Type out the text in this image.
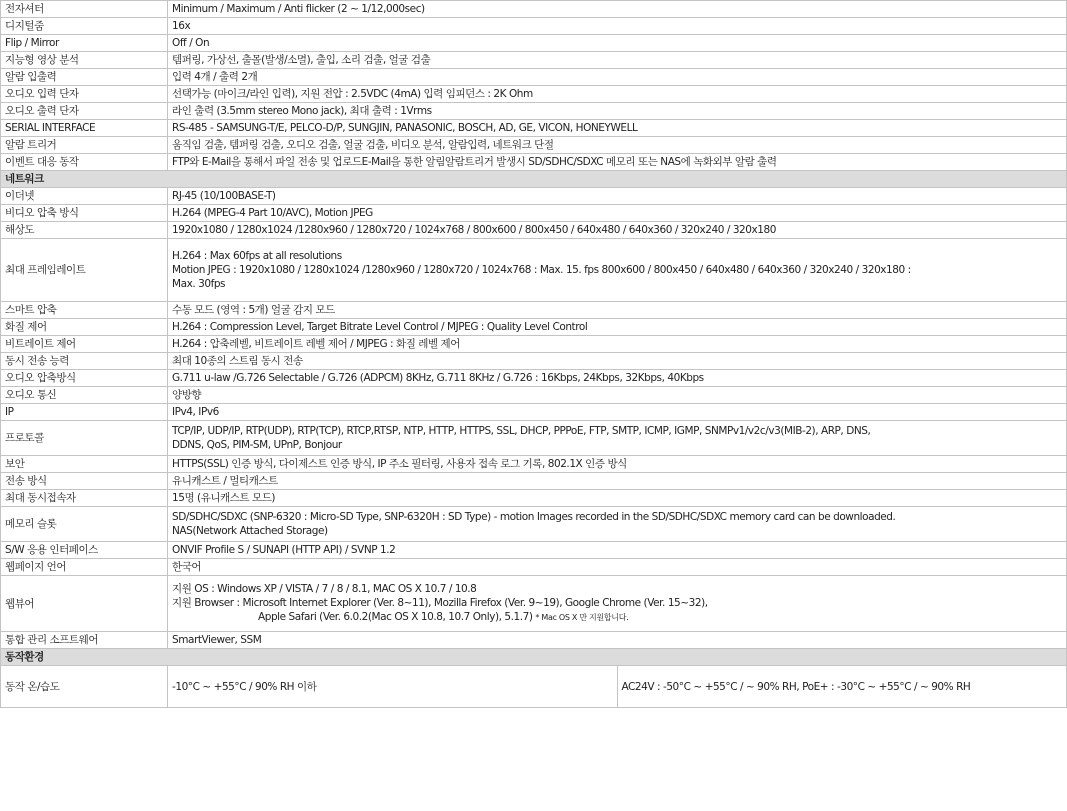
전자셔터	Minimum / Maximum / Anti flicker (2 ~ 1/12,000sec)	
디지털줌	16x	
Flip / Mirror	Off / On	
지능형 영상 분석	템퍼링, 가상선, 출몰(발생/소멸), 출입, 소리 검출, 얼굴 검출	
알람 입출력	입력 4개 / 출력 2개	
오디오 입력 단자	선택가능 (마이크/라인 입력), 지원 전압 : 2.5VDC (4mA) 입력 임피던스 : 2K Ohm	
오디오 출력 단자	라인 출력 (3.5mm stereo Mono jack), 최대 출력 : 1Vrms	
SERIAL INTERFACE	RS-485 - SAMSUNG-T/E, PELCO-D/P, SUNGJIN, PANASONIC, BOSCH, AD, GE, VICON, HONEYWELL	
알람 트리거	움직임 검출, 템퍼링 검출, 오디오 검출, 얼굴 검출, 비디오 분석, 알람입력, 네트워크 단절	
이벤트 대응 동작	FTP와 E-Mail을 통해서 파일 전송 및 업로드E-Mail을 통한 알림알람트리거 발생시 SD/SDHC/SDXC 메모리 또는 NAS에 녹화외부 알람 출력	
네트워크		
이더넷	RJ-45 (10/100BASE-T)	
비디오 압축 방식	H.264 (MPEG-4 Part 10/AVC), Motion JPEG	
해상도	1920x1080 / 1280x1024 /1280x960 / 1280x720 / 1024x768 / 800x600 / 800x450 / 640x480 / 640x360 / 320x240 / 320x180	
최대 프레임레이트	H.264 : Max 60fps at all resolutions
Motion JPEG : 1920x1080 / 1280x1024 /1280x960 / 1280x720 / 1024x768 : Max. 15. fps 800x600 / 800x450 / 640x480 / 640x360 / 320x240 / 320x180 :
Max. 30fps	

스마트 압축	수동 모드 (영역 : 5개) 얼굴 감지 모드	
화질 제어	H.264 : Compression Level, Target Bitrate Level Control / MJPEG : Quality Level Control	
비트레이트 제어	H.264 : 압축레벨, 비트레이트 레벨 제어 / MJPEG : 화질 레벨 제어	
동시 전송 능력	최대 10종의 스트림 동시 전송	
오디오 압축방식	G.711 u-law /G.726 Selectable / G.726 (ADPCM) 8KHz, G.711 8KHz / G.726 : 16Kbps, 24Kbps, 32Kbps, 40Kbps	
오디오 통신	양방향	
IP	IPv4, IPv6	
프로토콜	TCP/IP, UDP/IP, RTP(UDP), RTP(TCP), RTCP,RTSP, NTP, HTTP, HTTPS, SSL, DHCP, PPPoE, FTP, SMTP, ICMP, IGMP, SNMPv1/v2c/v3(MIB-2), ARP, DNS,
DDNS, QoS, PIM-SM, UPnP, Bonjour	

보안	HTTPS(SSL) 인증 방식, 다이제스트 인증 방식, IP 주소 필터링, 사용자 접속 로그 기록, 802.1X 인증 방식	
전송 방식	유니캐스트 / 멀티캐스트	
최대 동시접속자	15명 (유니캐스트 모드)	
메모리 슬롯	SD/SDHC/SDXC (SNP-6320 : Micro-SD Type, SNP-6320H : SD Type) - motion Images recorded in the SD/SDHC/SDXC memory card can be downloaded.
NAS(Network Attached Storage)	

S/W 응용 인터페이스	ONVIF Profile S / SUNAPI (HTTP API) / SVNP 1.2	
웹페이지 언어	한국어	
웹뷰어	지원 OS : Windows XP / VISTA / 7 / 8 / 8.1, MAC OS X 10.7 / 10.8
지원 Browser : Microsoft Internet Explorer (Ver. 8~11), Mozilla Firefox (Ver. 9~19), Google Chrome (Ver. 15~32),
Apple Safari (Ver. 6.0.2(Mac OS X 10.8, 10.7 Only), 5.1.7) * Mac OS X 만 지원합니다.	

통합 관리 소프트웨어	SmartViewer, SSM	
동작환경		
동작 온/습도	-10°C ~ +55°C / 90% RH 이하	AC24V : -50°C ~ +55°C / ~ 90% RH, PoE+ : -30°C ~ +55°C / ~ 90% RH
